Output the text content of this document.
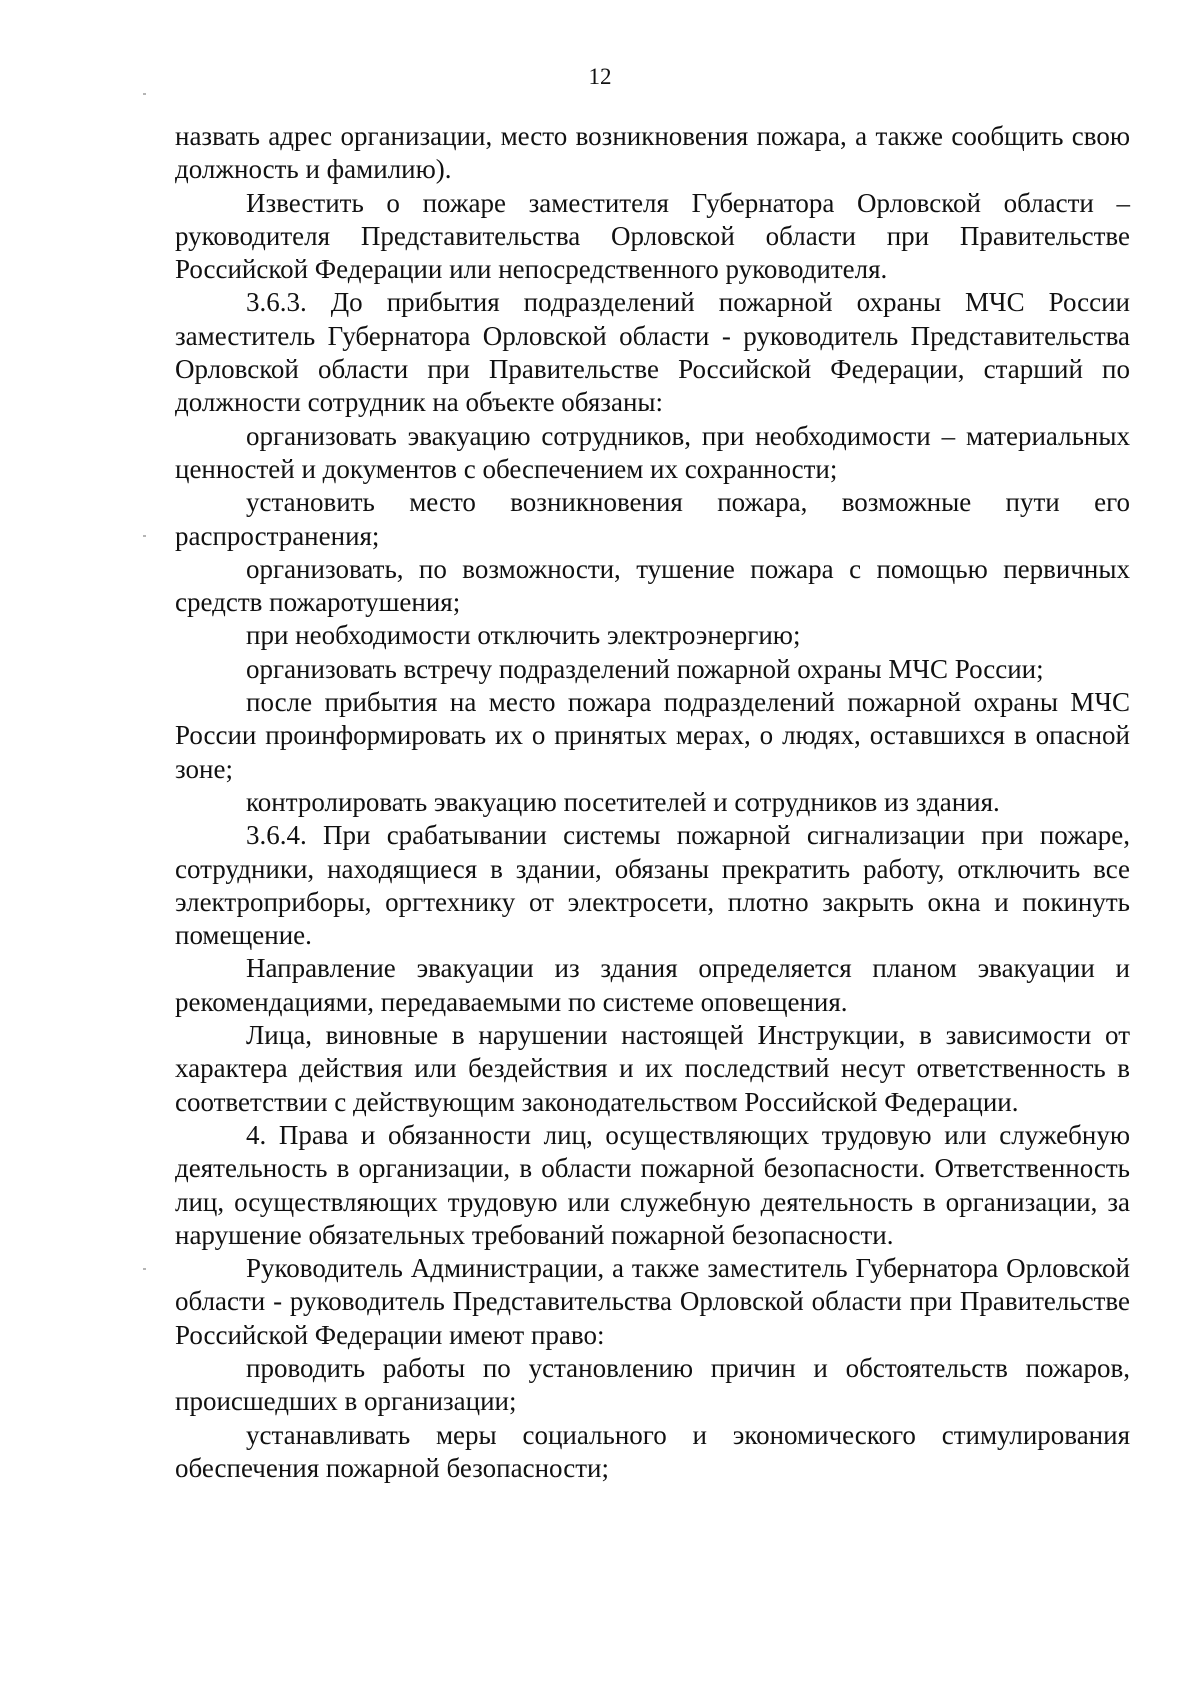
12

назвать адрес организации, место возникновения пожара, а также сообщить свою должность и фамилию).

Известить о пожаре заместителя Губернатора Орловской области – руководителя Представительства Орловской области при Правительстве Российской Федерации или непосредственного руководителя.

3.6.3. До прибытия подразделений пожарной охраны МЧС России заместитель Губернатора Орловской области - руководитель Представительства Орловской области при Правительстве Российской Федерации, старший по должности сотрудник на объекте обязаны:

организовать эвакуацию сотрудников, при необходимости – материальных ценностей и документов с обеспечением их сохранности;

установить место возникновения пожара, возможные пути его распространения;

организовать, по возможности, тушение пожара с помощью первичных средств пожаротушения;

при необходимости отключить электроэнергию;

организовать встречу подразделений пожарной охраны МЧС России;

после прибытия на место пожара подразделений пожарной охраны МЧС России проинформировать их о принятых мерах, о людях, оставшихся в опасной зоне;

контролировать эвакуацию посетителей и сотрудников из здания.

3.6.4. При срабатывании системы пожарной сигнализации при пожаре, сотрудники, находящиеся в здании, обязаны прекратить работу, отключить все электроприборы, оргтехнику от электросети, плотно закрыть окна и покинуть помещение.

Направление эвакуации из здания определяется планом эвакуации и рекомендациями, передаваемыми по системе оповещения.

Лица, виновные в нарушении настоящей Инструкции, в зависимости от характера действия или бездействия и их последствий несут ответственность в соответствии с действующим законодательством Российской Федерации.

4. Права и обязанности лиц, осуществляющих трудовую или служебную деятельность в организации, в области пожарной безопасности. Ответственность лиц, осуществляющих трудовую или служебную деятельность в организации, за нарушение обязательных требований пожарной безопасности.

Руководитель Администрации, а также заместитель Губернатора Орловской области - руководитель Представительства Орловской области при Правительстве Российской Федерации имеют право:

проводить работы по установлению причин и обстоятельств пожаров, происшедших в организации;

устанавливать меры социального и экономического стимулирования обеспечения пожарной безопасности;
